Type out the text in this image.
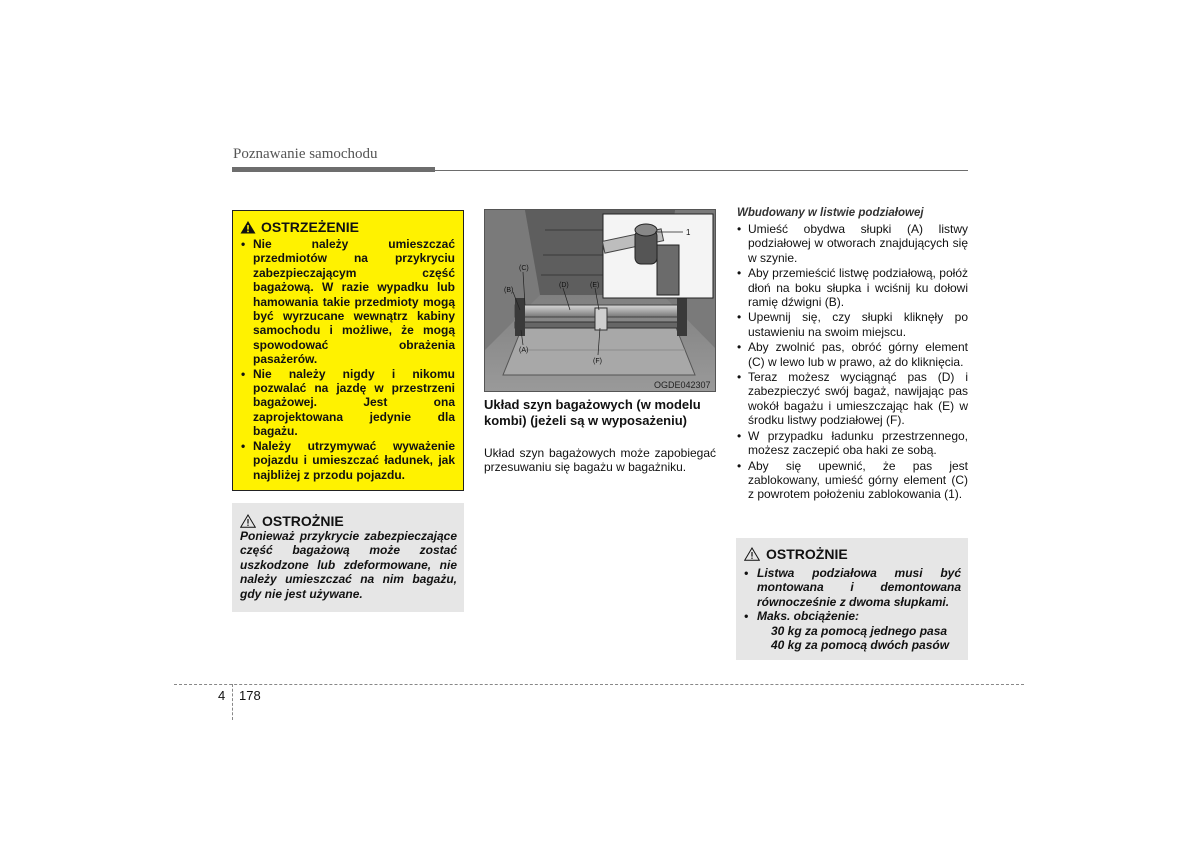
Poznawanie samochodu
OSTRZEŻENIE
• Nie należy umieszczać przedmiotów na przykryciu zabezpieczającym część bagażową. W razie wypadku lub hamowania takie przedmioty mogą być wyrzucane wewnątrz kabiny samochodu i możliwe, że mogą spowodować obrażenia pasażerów.
• Nie należy nigdy i nikomu pozwalać na jazdę w przestrzeni bagażowej. Jest ona zaprojektowana jedynie dla bagażu.
• Należy utrzymywać wyważenie pojazdu i umieszczać ładunek, jak najbliżej z przodu pojazdu.
OSTROŻNIE
Ponieważ przykrycie zabezpieczające część bagażową może zostać uszkodzone lub zdeformowane, nie należy umieszczać na nim bagażu, gdy nie jest używane.
(C)
(B)
(D)	(E)
(F)
(A)
1
OGDE042307
Układ szyn bagażowych (w modelu kombi) (jeżeli są w wyposażeniu)
Układ szyn bagażowych może zapobiegać przesuwaniu się bagażu w bagażniku.
Wbudowany w listwie podziałowej
• Umieść obydwa słupki (A) listwy podziałowej w otworach znajdujących się w szynie.
• Aby przemieścić listwę podziałową, połóż dłoń na boku słupka i wciśnij ku dołowi ramię dźwigni (B).
• Upewnij się, czy słupki kliknęły po ustawieniu na swoim miejscu.
• Aby zwolnić pas, obróć górny element (C) w lewo lub w prawo, aż do kliknięcia.
• Teraz możesz wyciągnąć pas (D) i zabezpieczyć swój bagaż, nawijając pas wokół bagażu i umieszczając hak (E) w środku listwy podziałowej (F).
• W przypadku ładunku przestrzennego, możesz zaczepić oba haki ze sobą.
• Aby się upewnić, że pas jest zablokowany, umieść górny element (C) z powrotem położeniu zablokowania (1).
OSTROŻNIE
• Listwa podziałowa musi być montowana i demontowana równocześnie z dwoma słupkami.
• Maks. obciążenie:
30 kg za pomocą jednego pasa
40 kg za pomocą dwóch pasów
4 178
